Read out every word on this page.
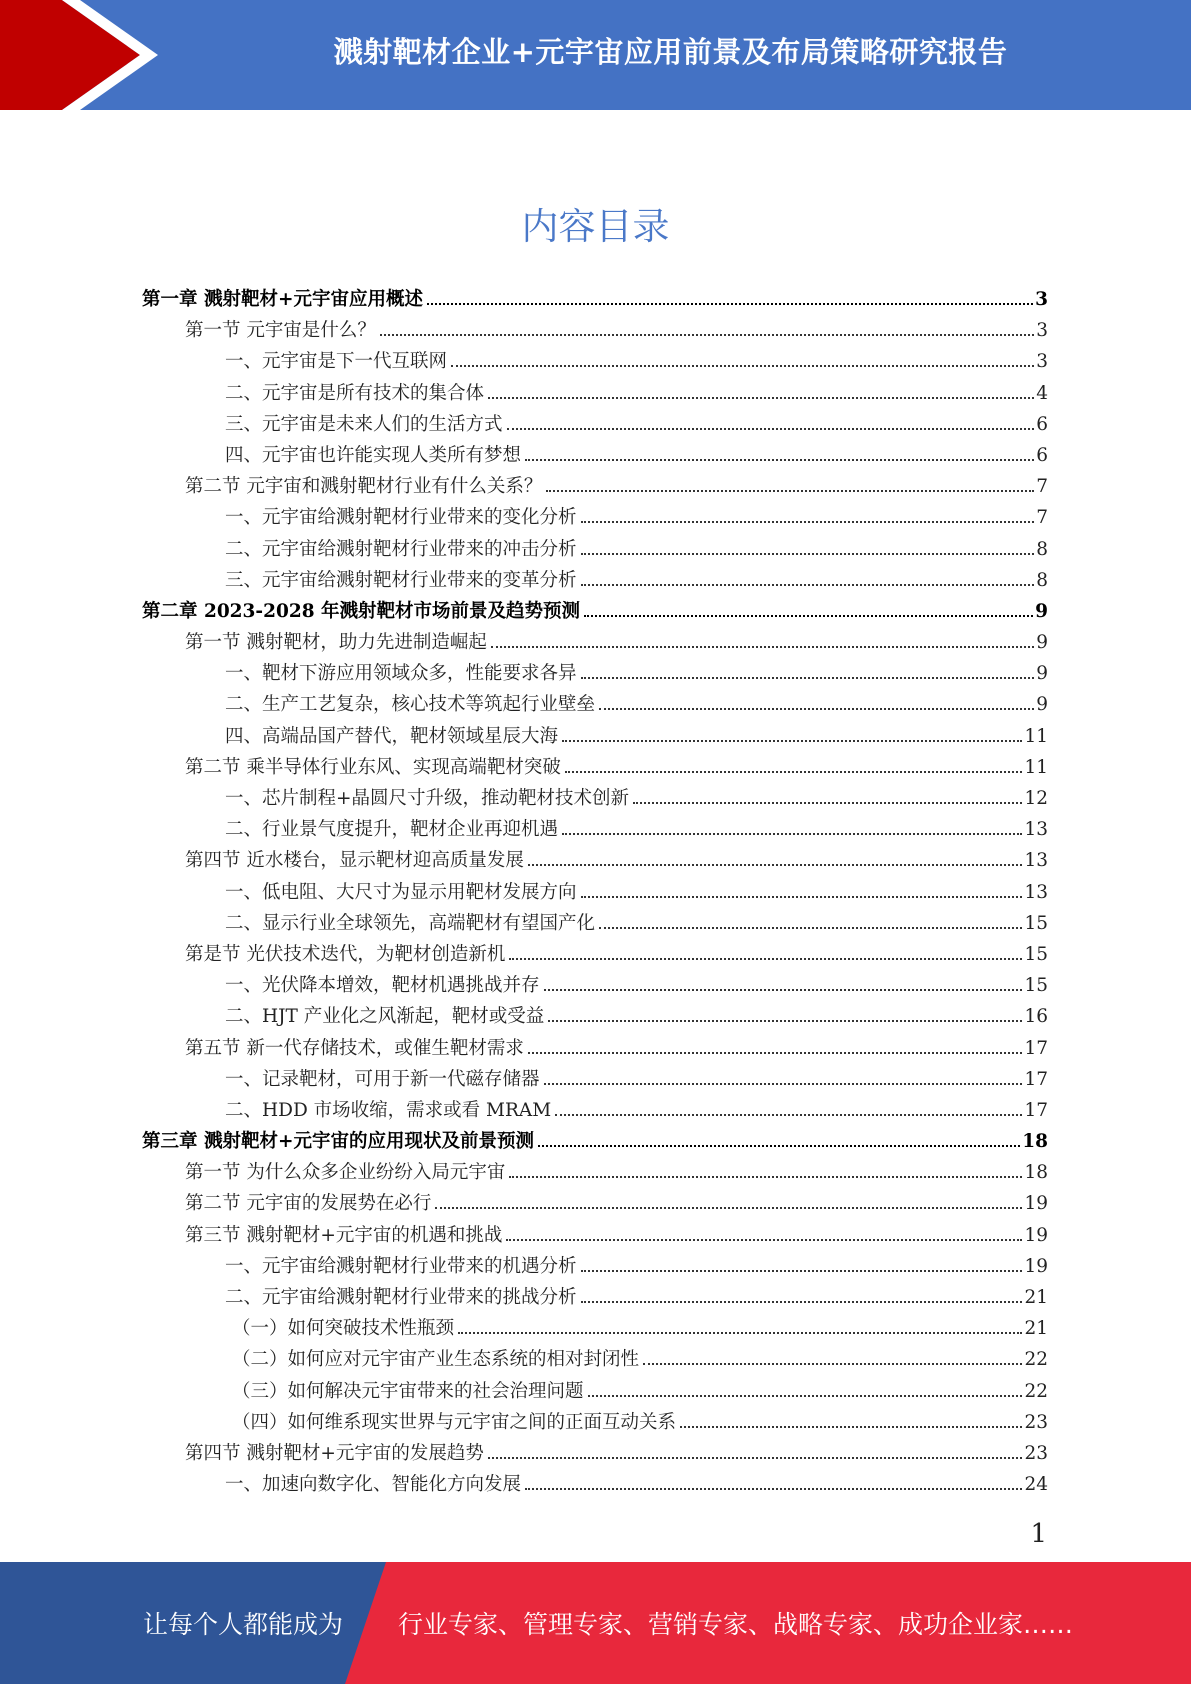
溅射靶材企业+元宇宙应用前景及布局策略研究报告
内容目录
第一章 溅射靶材+元宇宙应用概述	3
第一节 元宇宙是什么？	3
一、元宇宙是下一代互联网	3
二、元宇宙是所有技术的集合体	4
三、元宇宙是未来人们的生活方式	6
四、元宇宙也许能实现人类所有梦想	6
第二节 元宇宙和溅射靶材行业有什么关系？	7
一、元宇宙给溅射靶材行业带来的变化分析	7
二、元宇宙给溅射靶材行业带来的冲击分析	8
三、元宇宙给溅射靶材行业带来的变革分析	8
第二章 2023-2028 年溅射靶材市场前景及趋势预测	9
第一节 溅射靶材，助力先进制造崛起	9
一、靶材下游应用领域众多，性能要求各异	9
二、生产工艺复杂，核心技术等筑起行业壁垒	9
四、高端品国产替代，靶材领域星辰大海	11
第二节 乘半导体行业东风、实现高端靶材突破	11
一、芯片制程+晶圆尺寸升级，推动靶材技术创新	12
二、行业景气度提升，靶材企业再迎机遇	13
第四节 近水楼台，显示靶材迎高质量发展	13
一、低电阻、大尺寸为显示用靶材发展方向	13
二、显示行业全球领先，高端靶材有望国产化	15
第是节 光伏技术迭代，为靶材创造新机	15
一、光伏降本增效，靶材机遇挑战并存	15
二、HJT 产业化之风渐起，靶材或受益	16
第五节 新一代存储技术，或催生靶材需求	17
一、记录靶材，可用于新一代磁存储器	17
二、HDD 市场收缩，需求或看 MRAM	17
第三章 溅射靶材+元宇宙的应用现状及前景预测	18
第一节 为什么众多企业纷纷入局元宇宙	18
第二节 元宇宙的发展势在必行	19
第三节 溅射靶材+元宇宙的机遇和挑战	19
一、元宇宙给溅射靶材行业带来的机遇分析	19
二、元宇宙给溅射靶材行业带来的挑战分析	21
（一）如何突破技术性瓶颈	21
（二）如何应对元宇宙产业生态系统的相对封闭性	22
（三）如何解决元宇宙带来的社会治理问题	22
（四）如何维系现实世界与元宇宙之间的正面互动关系	23
第四节 溅射靶材+元宇宙的发展趋势	23
一、加速向数字化、智能化方向发展	24
1
让每个人都能成为 行业专家、管理专家、营销专家、战略专家、成功企业家……
